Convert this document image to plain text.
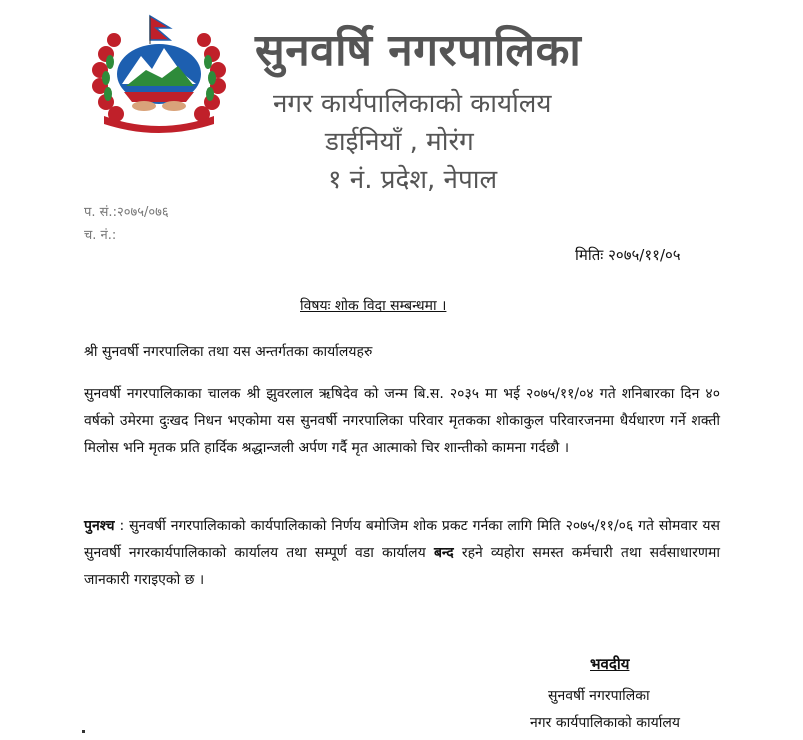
सुनवर्षि नगरपालिका
नगर कार्यपालिकाको कार्यालय
डाईनियाँ , मोरंग
१ नं. प्रदेश, नेपाल
प. सं.:२०७५/०७६
च. नं.:
मितिः २०७५/११/०५
विषयः शोक विदा सम्बन्धमा ।
श्री सुनवर्षी नगरपालिका तथा यस अन्तर्गतका कार्यालयहरु
सुनवर्षी नगरपालिकाका चालक श्री झुवरलाल ऋषिदेव को जन्म बि.स. २०३५ मा भई २०७५/११/०४ गते शनिबारका दिन ४० वर्षको उमेरमा दुःखद निधन भएकोमा यस सुनवर्षी नगरपालिका परिवार मृतकका शोकाकुल परिवारजनमा धैर्यधारण गर्ने शक्ती मिलोस भनि मृतक प्रति हार्दिक श्रद्धान्जली अर्पण गर्दै मृत आत्माको चिर शान्तीको कामना गर्दछौ ।
पुनश्च : सुनवर्षी नगरपालिकाको कार्यपालिकाको निर्णय बमोजिम शोक प्रकट गर्नका लागि मिति २०७५/११/०६ गते सोमवार यस सुनवर्षी नगरकार्यपालिकाको कार्यालय तथा सम्पूर्ण वडा कार्यालय बन्द रहने व्यहोरा समस्त कर्मचारी तथा सर्वसाधारणमा जानकारी गराइएको छ ।
भवदीय
सुनवर्षी नगरपालिका
नगर कार्यपालिकाको कार्यालय
